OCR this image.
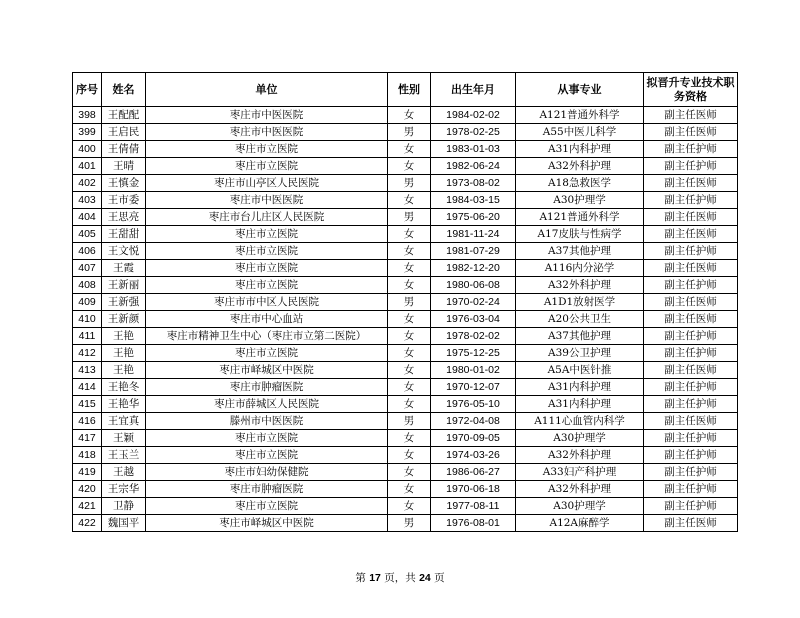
序号	姓名	单位	性别	出生年月	从事专业	拟晋升专业技术职务资格
398	王配配	枣庄市中医医院	女	1984-02-02	A121普通外科学	副主任医师
399	王启民	枣庄市中医医院	男	1978-02-25	A55中医儿科学	副主任医师
400	王倩倩	枣庄市立医院	女	1983-01-03	A31内科护理	副主任护师
401	王晴	枣庄市立医院	女	1982-06-24	A32外科护理	副主任护师
402	王慎金	枣庄市山亭区人民医院	男	1973-08-02	A18急救医学	副主任医师
403	王市委	枣庄市中医医院	女	1984-03-15	A30护理学	副主任护师
404	王思亮	枣庄市台儿庄区人民医院	男	1975-06-20	A121普通外科学	副主任医师
405	王甜甜	枣庄市立医院	女	1981-11-24	A17皮肤与性病学	副主任医师
406	王文悦	枣庄市立医院	女	1981-07-29	A37其他护理	副主任护师
407	王霞	枣庄市立医院	女	1982-12-20	A116内分泌学	副主任医师
408	王新丽	枣庄市立医院	女	1980-06-08	A32外科护理	副主任护师
409	王新强	枣庄市市中区人民医院	男	1970-02-24	A1D1放射医学	副主任医师
410	王新颜	枣庄市中心血站	女	1976-03-04	A20公共卫生	副主任医师
411	王艳	枣庄市精神卫生中心（枣庄市立第二医院）	女	1978-02-02	A37其他护理	副主任护师
412	王艳	枣庄市立医院	女	1975-12-25	A39公卫护理	副主任护师
413	王艳	枣庄市峄城区中医院	女	1980-01-02	A5A中医针推	副主任医师
414	王艳冬	枣庄市肿瘤医院	女	1970-12-07	A31内科护理	副主任护师
415	王艳华	枣庄市薛城区人民医院	女	1976-05-10	A31内科护理	副主任护师
416	王宜真	滕州市中医医院	男	1972-04-08	A111心血管内科学	副主任医师
417	王颖	枣庄市立医院	女	1970-09-05	A30护理学	副主任护师
418	王玉兰	枣庄市立医院	女	1974-03-26	A32外科护理	副主任护师
419	王越	枣庄市妇幼保健院	女	1986-06-27	A33妇产科护理	副主任护师
420	王宗华	枣庄市肿瘤医院	女	1970-06-18	A32外科护理	副主任护师
421	卫静	枣庄市立医院	女	1977-08-11	A30护理学	副主任护师
422	魏国平	枣庄市峄城区中医院	男	1976-08-01	A12A麻醉学	副主任医师
第 17 页，共 24 页
